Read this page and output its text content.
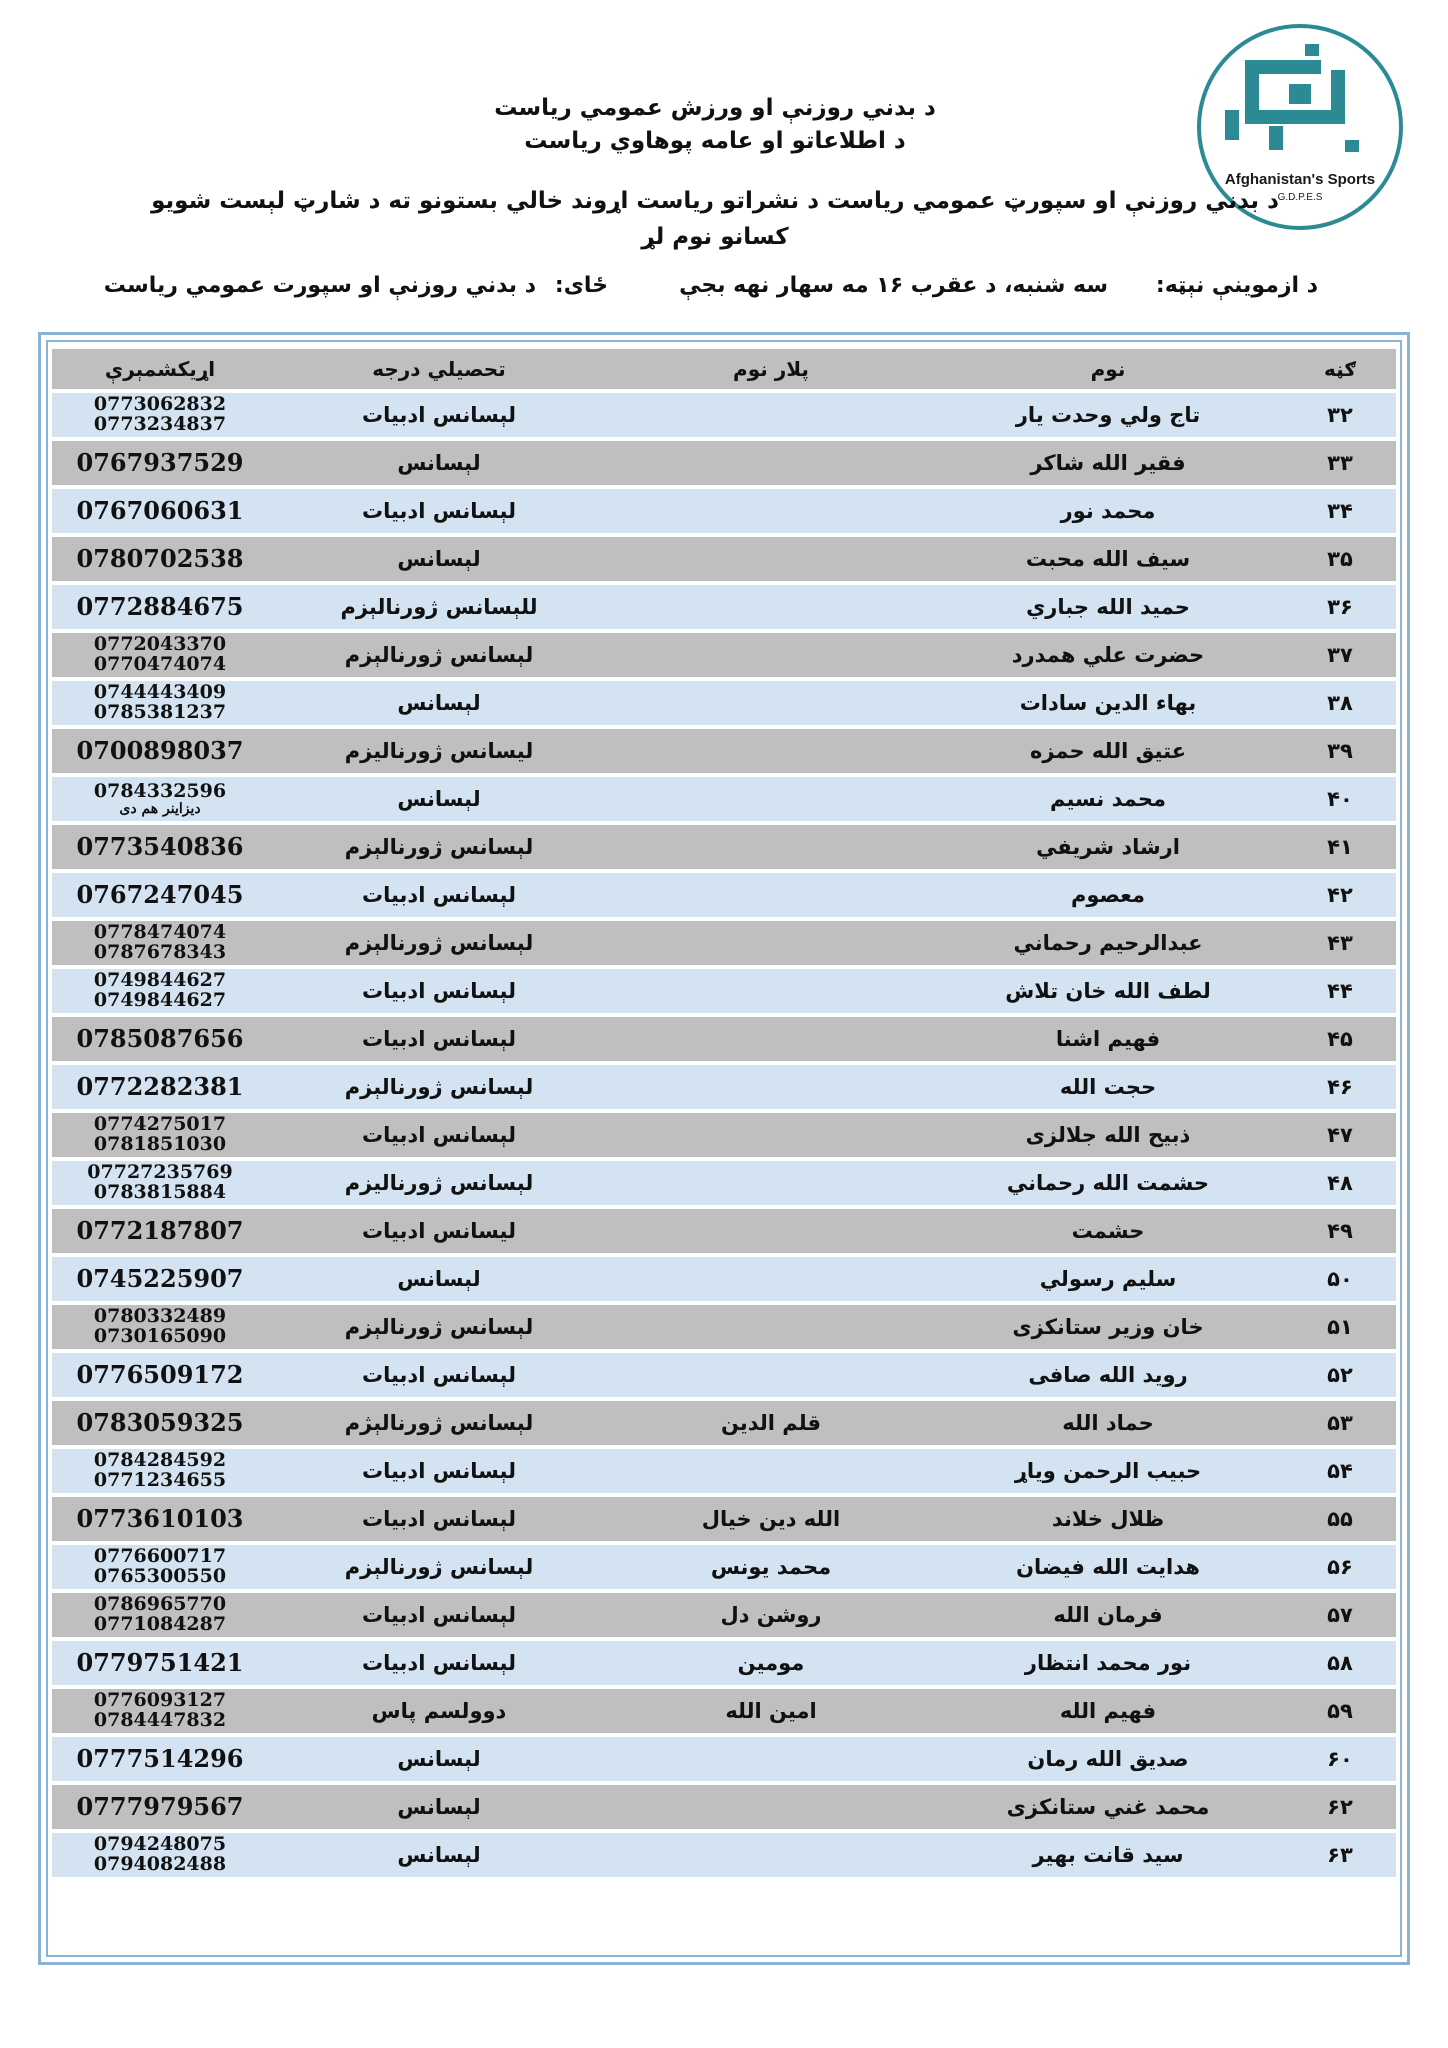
Afghanistan's Sports
G.D.P.E.S
د بدني روزنې او ورزش عمومي رياست
د اطلاعاتو او عامه پوهاوي رياست
د بدني روزنې او سپورټ عمومي رياست د نشراتو رياست اړوند خالي بستونو ته د شارټ لېست شويو
کسانو نوم لړ
د ازموينې نېټه:
سه شنبه، د عقرب ۱۶ مه سهار نهه بجې
ځای:
د بدني روزنې او سپورت عمومي رياست
ګڼه	نوم	پلار نوم	تحصيلي درجه	اړيکشمېرې
۳۲	تاج ولي وحدت يار		لېسانس ادبيات	0773062832
0773234837

۳۳	فقير الله شاکر		لېسانس	0767937529

۳۴	محمد نور		لېسانس ادبيات	0767060631

۳۵	سيف الله محبت		لېسانس	0780702538

۳۶	حميد الله جباري		للېسانس ژورنالېزم	0772884675

۳۷	حضرت علي همدرد		لېسانس ژورنالېزم	0772043370
0770474074

۳۸	بهاء الدين سادات		لېسانس	0744443409
0785381237

۳۹	عتيق الله حمزه		ليسانس ژورناليزم	0700898037

۴۰	محمد نسيم		لېسانس	0784332596
ديزاينر هم دی

۴۱	ارشاد شريفي		لېسانس ژورنالېزم	0773540836

۴۲	معصوم		لېسانس ادبيات	0767247045

۴۳	عبدالرحيم رحماني		لېسانس ژورنالېزم	0778474074
0787678343

۴۴	لطف الله خان تلاش		لېسانس ادبيات	0749844627
0749844627

۴۵	فهيم اشنا		لېسانس ادبيات	0785087656

۴۶	حجت الله		لېسانس ژورنالېزم	0772282381

۴۷	ذبيح الله جلالزی		لېسانس ادبيات	0774275017
0781851030

۴۸	حشمت الله رحماني		لېسانس ژورناليزم	07727235769
0783815884

۴۹	حشمت		ليسانس ادبيات	0772187807

۵۰	سليم رسولي		لېسانس	0745225907

۵۱	خان وزير ستانکزی		لېسانس ژورنالېزم	0780332489
0730165090

۵۲	رويد الله صافی		لېسانس ادبيات	0776509172

۵۳	حماد الله	قلم الدين	لېسانس ژورنالېژم	0783059325

۵۴	حبيب الرحمن وياړ		لېسانس ادبيات	0784284592
0771234655

۵۵	ظلال خلاند	الله دين خيال	لېسانس ادبيات	0773610103

۵۶	هدايت الله فيضان	محمد يونس	لېسانس ژورنالېزم	0776600717
0765300550

۵۷	فرمان الله	روشن دل	لېسانس ادبيات	0786965770
0771084287

۵۸	نور محمد انتظار	مومين	لېسانس ادبيات	0779751421

۵۹	فهيم الله	امين الله	دوولسم پاس	0776093127
0784447832

۶۰	صديق الله رمان		لېسانس	0777514296

۶۲	محمد غني ستانکزی		لېسانس	0777979567

۶۳	سيد قانت بهير		لېسانس	0794248075
0794082488
